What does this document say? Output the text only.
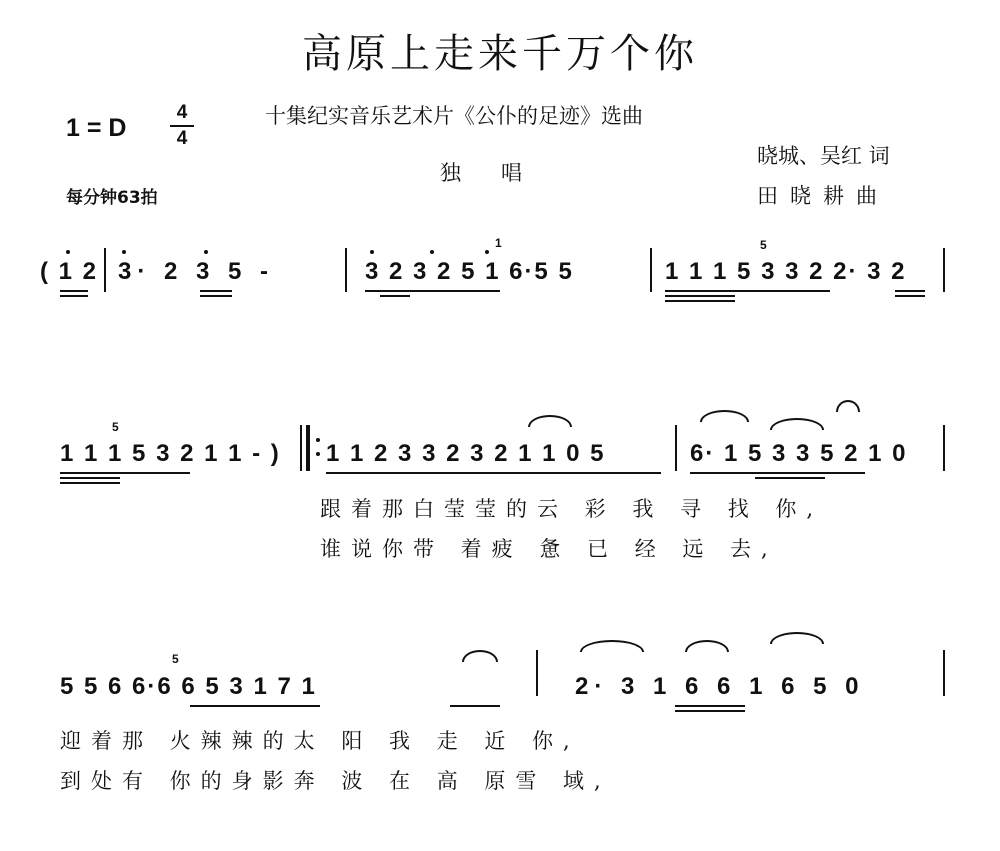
高原上走来千万个你
1 = D
4
4
十集纪实音乐艺术片《公仆的足迹》选曲
每分钟63拍
独唱
晓城、吴红 词
田晓耕曲
( 1 2 3· 2 3 5 -	3 2 3 2 5 1 6·5 5	1 1 1 5 3 3 2 2· 3 2
1	5
1 1 1 5 3 2 1 1 - ) 1 1 2 3 3 2 3 2 1 1 0 5	6· 1 5 3 3 5 2 1 0
5
跟着那白莹莹的云 彩 我 寻 找 你,
谁说你带 着疲 惫 已 经 远 去,
5 5 6 6·6 6 5 3 1 7 1	2· 3 1 6 6 1 6 5 0
5
迎着那 火辣辣的太 阳 我 走 近 你,
到处有 你的身影奔 波 在 高 原雪 域,
